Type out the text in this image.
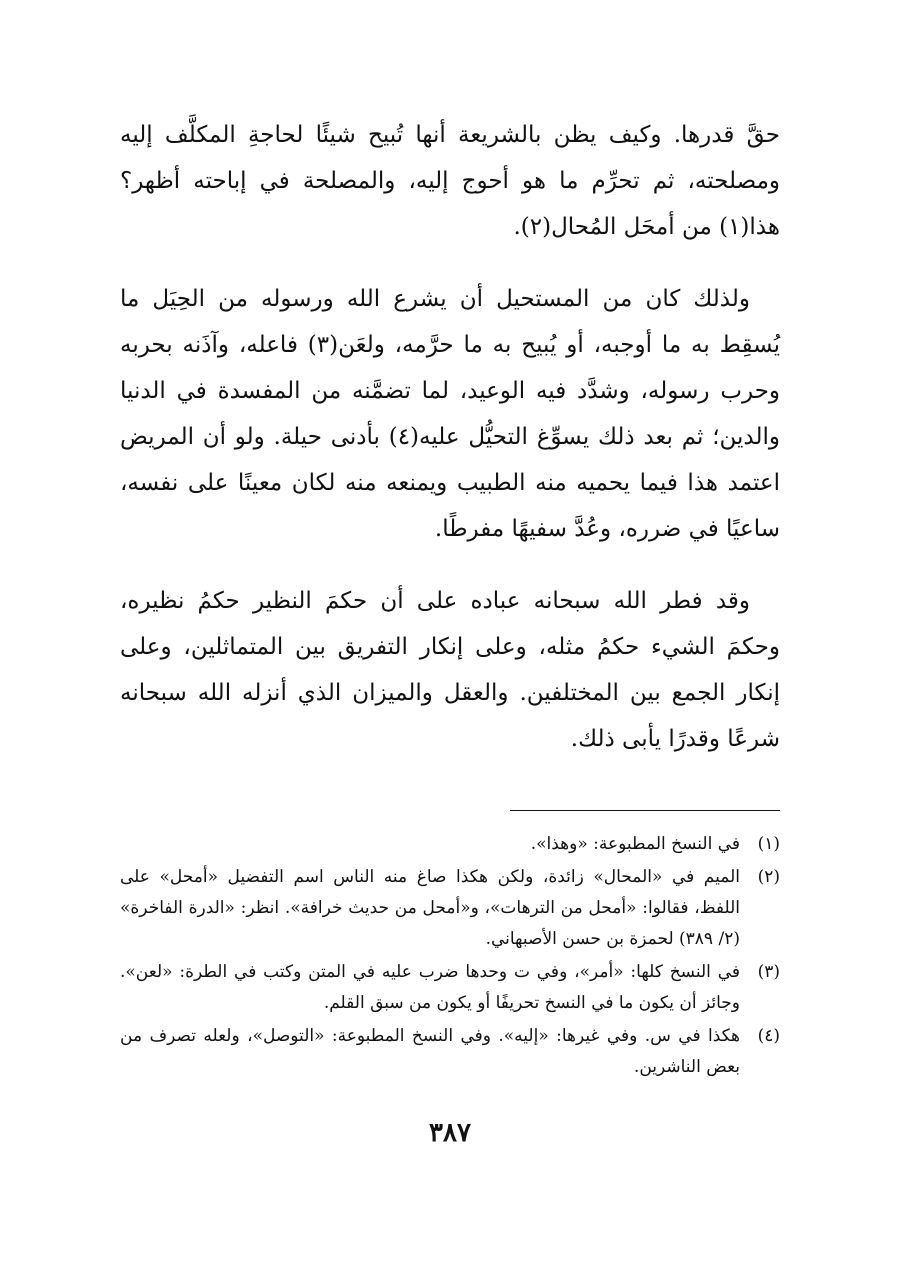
حقَّ قدرها. وكيف يظن بالشريعة أنها تُبيح شيئًا لحاجةِ المكلَّف إليه ومصلحته، ثم تحرِّم ما هو أحوج إليه، والمصلحة في إباحته أظهر؟ هذا(١) من أمحَل المُحال(٢).

ولذلك كان من المستحيل أن يشرع الله ورسوله من الحِيَل ما يُسقِط به ما أوجبه، أو يُبيح به ما حرَّمه، ولعَن(٣) فاعله، وآذَنه بحربه وحرب رسوله، وشدَّد فيه الوعيد، لما تضمَّنه من المفسدة في الدنيا والدين؛ ثم بعد ذلك يسوِّغ التحيُّل عليه(٤) بأدنى حيلة. ولو أن المريض اعتمد هذا فيما يحميه منه الطبيب ويمنعه منه لكان معينًا على نفسه، ساعيًا في ضرره، وعُدَّ سفيهًا مفرطًا.

وقد فطر الله سبحانه عباده على أن حكمَ النظير حكمُ نظيره، وحكمَ الشيء حكمُ مثله، وعلى إنكار التفريق بين المتماثلين، وعلى إنكار الجمع بين المختلفين. والعقل والميزان الذي أنزله الله سبحانه شرعًا وقدرًا يأبى ذلك.

(١)
في النسخ المطبوعة: «وهذا».
(٢)
الميم في «المحال» زائدة، ولكن هكذا صاغ منه الناس اسم التفضيل «أمحل» على اللفظ، فقالوا: «أمحل من الترهات»، و«أمحل من حديث خرافة». انظر: «الدرة الفاخرة» (٢/ ٣٨٩) لحمزة بن حسن الأصبهاني.
(٣)
في النسخ كلها: «أمر»، وفي ت وحدها ضرب عليه في المتن وكتب في الطرة: «لعن». وجائز أن يكون ما في النسخ تحريفًا أو يكون من سبق القلم.
(٤)
هكذا في س. وفي غيرها: «إليه». وفي النسخ المطبوعة: «التوصل»، ولعله تصرف من بعض الناشرين.
٣٨٧
